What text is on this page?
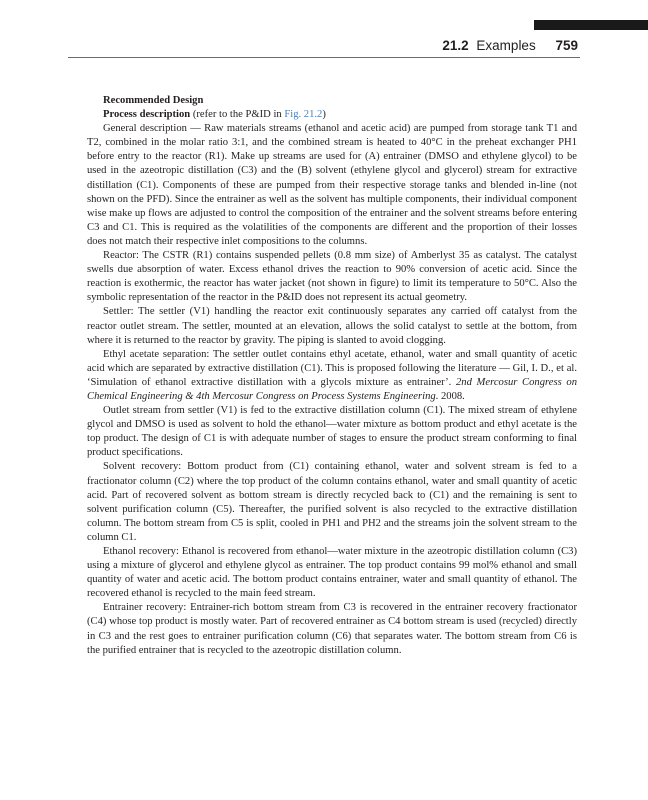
21.2 Examples 759

Recommended Design

Process description (refer to the P&ID in Fig. 21.2)

General description — Raw materials streams (ethanol and acetic acid) are pumped from storage tank T1 and T2, combined in the molar ratio 3:1, and the combined stream is heated to 40°C in the preheat exchanger PH1 before entry to the reactor (R1). Make up streams are used for (A) entrainer (DMSO and ethylene glycol) to be used in the azeotropic distillation (C3) and the (B) solvent (ethylene glycol and glycerol) stream for extractive distillation (C1). Components of these are pumped from their respective storage tanks and blended in-line (not shown on the PFD). Since the entrainer as well as the solvent has multiple components, their individual component wise make up flows are adjusted to control the composition of the entrainer and the solvent streams before entering C3 and C1. This is required as the volatilities of the components are different and the proportion of their losses does not match their respective inlet compositions to the columns.

Reactor: The CSTR (R1) contains suspended pellets (0.8 mm size) of Amberlyst 35 as catalyst. The catalyst swells due absorption of water. Excess ethanol drives the reaction to 90% conversion of acetic acid. Since the reaction is exothermic, the reactor has water jacket (not shown in figure) to limit its temperature to 50°C. Also the symbolic representation of the reactor in the P&ID does not represent its actual geometry.

Settler: The settler (V1) handling the reactor exit continuously separates any carried off catalyst from the reactor outlet stream. The settler, mounted at an elevation, allows the solid catalyst to settle at the bottom, from where it is returned to the reactor by gravity. The piping is slanted to avoid clogging.

Ethyl acetate separation: The settler outlet contains ethyl acetate, ethanol, water and small quantity of acetic acid which are separated by extractive distillation (C1). This is proposed following the literature — Gil, I. D., et al. ‘Simulation of ethanol extractive distillation with a glycols mixture as entrainer’. 2nd Mercosur Congress on Chemical Engineering & 4th Mercosur Congress on Process Systems Engineering. 2008.

Outlet stream from settler (V1) is fed to the extractive distillation column (C1). The mixed stream of ethylene glycol and DMSO is used as solvent to hold the ethanol—water mixture as bottom product and ethyl acetate is the top product. The design of C1 is with adequate number of stages to ensure the product stream conforming to final product specifications.

Solvent recovery: Bottom product from (C1) containing ethanol, water and solvent stream is fed to a fractionator column (C2) where the top product of the column contains ethanol, water and small quantity of acetic acid. Part of recovered solvent as bottom stream is directly recycled back to (C1) and the remaining is sent to solvent purification column (C5). Thereafter, the purified solvent is also recycled to the extractive distillation column. The bottom stream from C5 is split, cooled in PH1 and PH2 and the streams join the solvent stream to the column C1.

Ethanol recovery: Ethanol is recovered from ethanol—water mixture in the azeotropic distillation column (C3) using a mixture of glycerol and ethylene glycol as entrainer. The top product contains 99 mol% ethanol and small quantity of water and acetic acid. The bottom product contains entrainer, water and small quantity of ethanol. The recovered ethanol is recycled to the main feed stream.

Entrainer recovery: Entrainer-rich bottom stream from C3 is recovered in the entrainer recovery fractionator (C4) whose top product is mostly water. Part of recovered entrainer as C4 bottom stream is used (recycled) directly in C3 and the rest goes to entrainer purification column (C6) that separates water. The bottom stream from C6 is the purified entrainer that is recycled to the azeotropic distillation column.
